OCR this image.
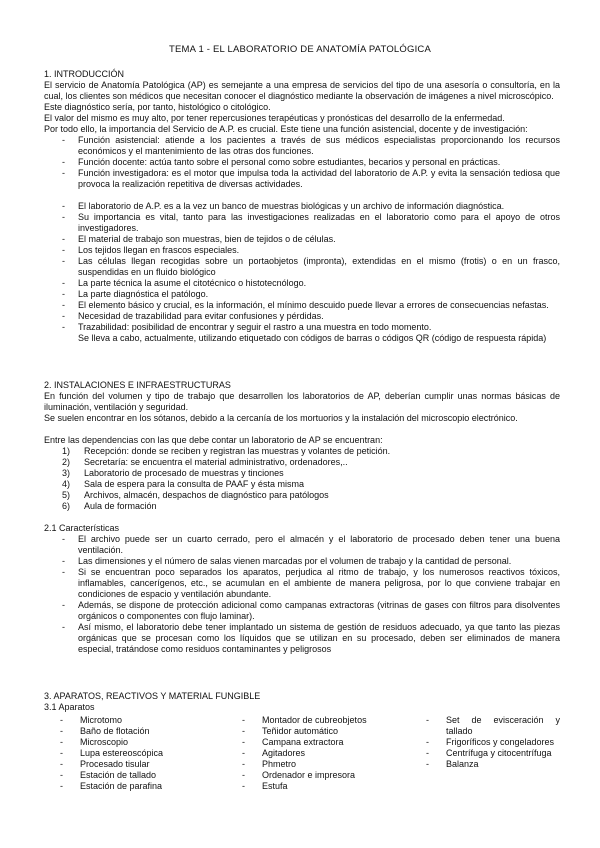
TEMA 1 - EL LABORATORIO DE ANATOMÍA PATOLÓGICA

1. INTRODUCCIÓN

El servicio de Anatomía Patológica (AP) es semejante a una empresa de servicios del tipo de una asesoría o consultoría, en la cual, los clientes son médicos que necesitan conocer el diagnóstico mediante la observación de imágenes a nivel microscópico.

Este diagnóstico sería, por tanto, histológico o citológico.

El valor del mismo es muy alto, por tener repercusiones terapéuticas y pronósticas del desarrollo de la enfermedad.

Por todo ello, la importancia del Servicio de A.P. es crucial. Este tiene una función asistencial, docente y de investigación:

- Función asistencial: atiende a los pacientes a través de sus médicos especialistas proporcionando los recursos económicos y el mantenimiento de las otras dos funciones.
- Función docente: actúa tanto sobre el personal como sobre estudiantes, becarios y personal en prácticas.
- Función investigadora: es el motor que impulsa toda la actividad del laboratorio de A.P. y evita la sensación tediosa que provoca la realización repetitiva de diversas actividades.
- El laboratorio de A.P. es a la vez un banco de muestras biológicas y un archivo de información diagnóstica.
- Su importancia es vital, tanto para las investigaciones realizadas en el laboratorio como para el apoyo de otros investigadores.
- El material de trabajo son muestras, bien de tejidos o de células.
- Los tejidos llegan en frascos especiales.
- Las células llegan recogidas sobre un portaobjetos (impronta), extendidas en el mismo (frotis) o en un frasco, suspendidas en un fluido biológico
- La parte técnica la asume el citotécnico o histotecnólogo.
- La parte diagnóstica el patólogo.
- El elemento básico y crucial, es la información, el mínimo descuido puede llevar a errores de consecuencias nefastas.
- Necesidad de trazabilidad para evitar confusiones y pérdidas.
- Trazabilidad: posibilidad de encontrar y seguir el rastro a una muestra en todo momento.

Se lleva a cabo, actualmente, utilizando etiquetado con códigos de barras o códigos QR (código de respuesta rápida)

2. INSTALACIONES E INFRAESTRUCTURAS

En función del volumen y tipo de trabajo que desarrollen los laboratorios de AP, deberían cumplir unas normas básicas de iluminación, ventilación y seguridad.

Se suelen encontrar en los sótanos, debido a la cercanía de los mortuorios y la instalación del microscopio electrónico.

Entre las dependencias con las que debe contar un laboratorio de AP se encuentran:

1) Recepción: donde se reciben y registran las muestras y volantes de petición.
2) Secretaría: se encuentra el material administrativo, ordenadores,..
3) Laboratorio de procesado de muestras y tinciones
4) Sala de espera para la consulta de PAAF y ésta misma
5) Archivos, almacén, despachos de diagnóstico para patólogos
6) Aula de formación

2.1 Características

- El archivo puede ser un cuarto cerrado, pero el almacén y el laboratorio de procesado deben tener una buena ventilación.
- Las dimensiones y el número de salas vienen marcadas por el volumen de trabajo y la cantidad de personal.
- Si se encuentran poco separados los aparatos, perjudica al ritmo de trabajo, y los numerosos reactivos tóxicos, inflamables, cancerígenos, etc., se acumulan en el ambiente de manera peligrosa, por lo que conviene trabajar en condiciones de espacio y ventilación abundante.
- Además, se dispone de protección adicional como campanas extractoras (vitrinas de gases con filtros para disolventes orgánicos o componentes con flujo laminar).
- Así mismo, el laboratorio debe tener implantado un sistema de gestión de residuos adecuado, ya que tanto las piezas orgánicas que se procesan como los líquidos que se utilizan en su procesado, deben ser eliminados de manera especial, tratándose como residuos contaminantes y peligrosos

3. APARATOS, REACTIVOS Y MATERIAL FUNGIBLE

3.1 Aparatos

- Microtomo
- Baño de flotación
- Microscopio
- Lupa estereoscópica
- Procesado tisular
- Estación de tallado
- Estación de parafina
- Montador de cubreobjetos
- Teñidor automático
- Campana extractora
- Agitadores
- Phmetro
- Ordenador e impresora
- Estufa
- Set de evisceración y tallado
- Frigoríficos y congeladores
- Centrífuga y citocentrífuga
- Balanza
